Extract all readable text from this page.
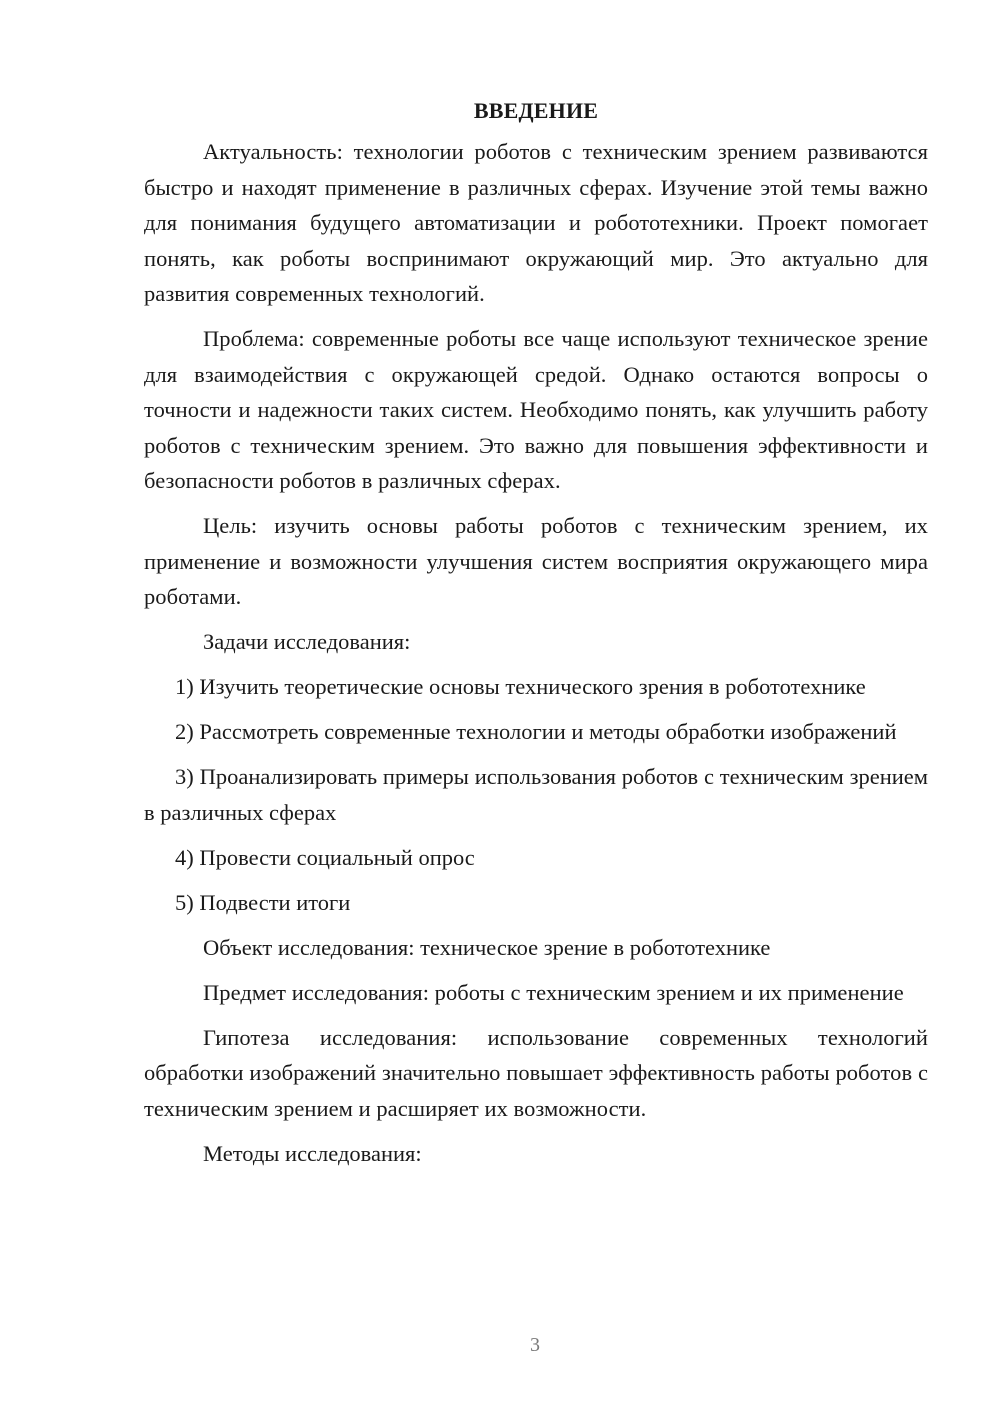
ВВЕДЕНИЕ

Актуальность: технологии роботов с техническим зрением развиваются быстро и находят применение в различных сферах. Изучение этой темы важно для понимания будущего автоматизации и робототехники. Проект помогает понять, как роботы воспринимают окружающий мир. Это актуально для развития современных технологий.

Проблема: современные роботы все чаще используют техническое зрение для взаимодействия с окружающей средой. Однако остаются вопросы о точности и надежности таких систем. Необходимо понять, как улучшить работу роботов с техническим зрением. Это важно для повышения эффективности и безопасности роботов в различных сферах.

Цель: изучить основы работы роботов с техническим зрением, их применение и возможности улучшения систем восприятия окружающего мира роботами.

Задачи исследования:

1) Изучить теоретические основы технического зрения в робототехнике

2) Рассмотреть современные технологии и методы обработки изображений

3) Проанализировать примеры использования роботов с техническим зрением в различных сферах

4) Провести социальный опрос

5) Подвести итоги

Объект исследования: техническое зрение в робототехнике

Предмет исследования: роботы с техническим зрением и их применение

Гипотеза исследования: использование современных технологий обработки изображений значительно повышает эффективность работы роботов с техническим зрением и расширяет их возможности.

Методы исследования:

3
